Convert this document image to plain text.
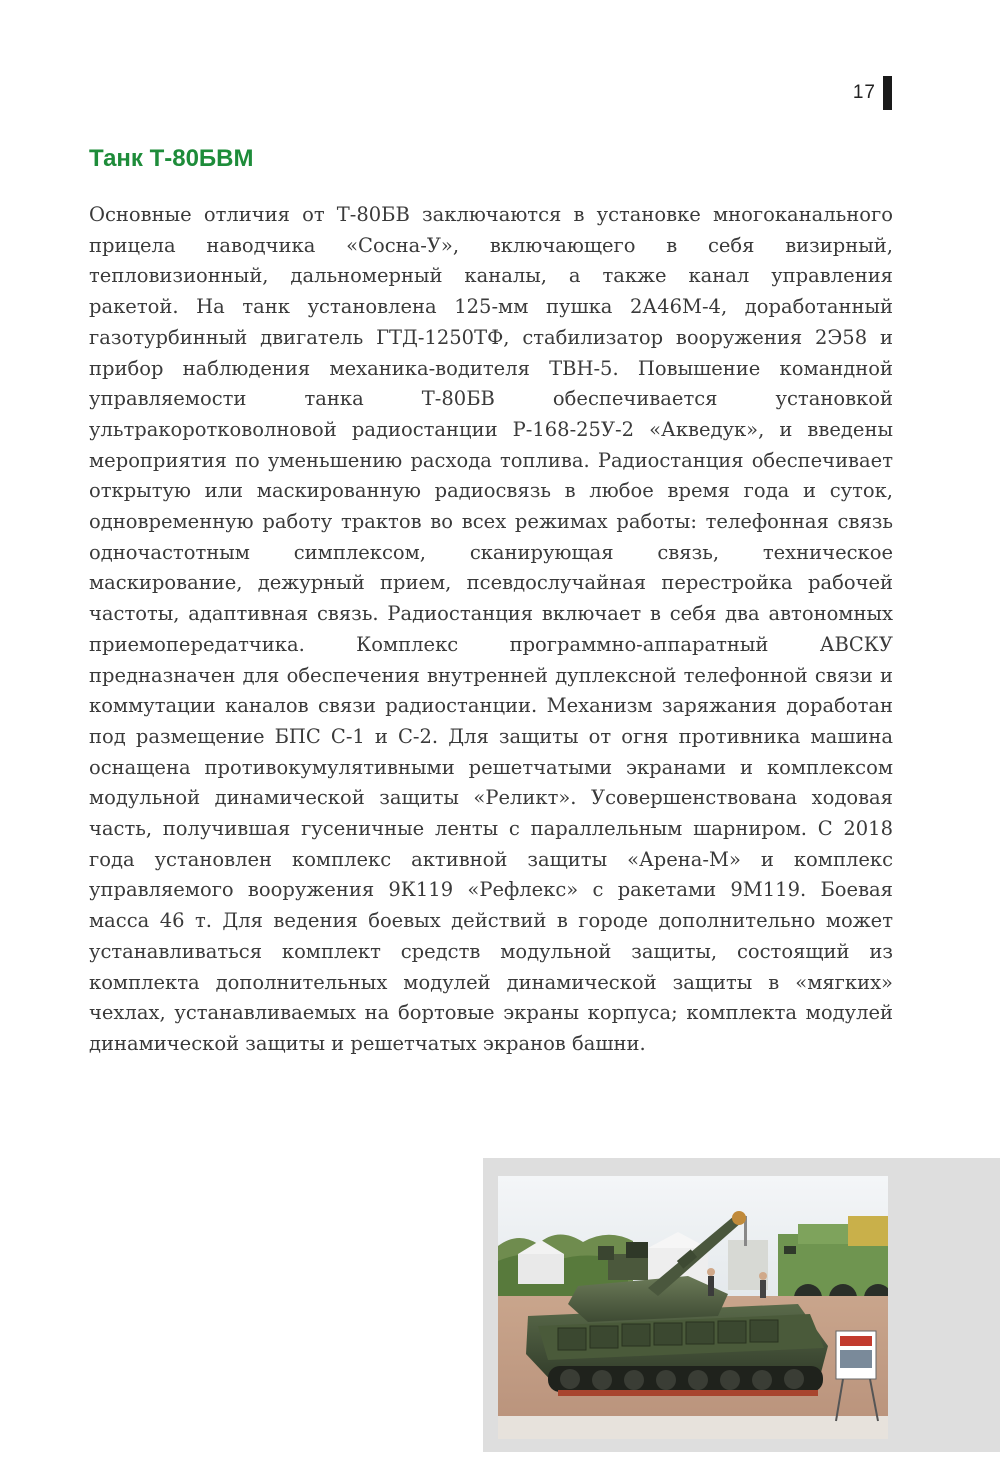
17
Танк Т-80БВМ

Основные отличия от Т-80БВ заключаются в установке многоканального прицела наводчика «Сосна-У», включающего в себя визирный, тепловизионный, дальномерный каналы, а также канал управления ракетой. На танк установлена 125-мм пушка 2А46М-4, доработанный газотурбинный двигатель ГТД-1250ТФ, стабилизатор вооружения 2Э58 и прибор наблюдения механика-водителя ТВН-5. Повышение командной управляемости танка Т-80БВ обеспечивается установкой ультракоротковолновой радиостанции Р-168-25У-2 «Акведук», и введены мероприятия по уменьшению расхода топлива. Радиостанция обеспечивает открытую или маскированную радиосвязь в любое время года и суток, одновременную работу трактов во всех режимах работы: телефонная связь одночастотным симплексом, сканирующая связь, техническое маскирование, дежурный прием, псевдослучайная перестройка рабочей частоты, адаптивная связь. Радиостанция включает в себя два автономных приемопередатчика. Комплекс программно-аппаратный АВСКУ предназначен для обеспечения внутренней дуплексной телефонной связи и коммутации каналов связи радиостанции. Механизм заряжания доработан под размещение БПС С-1 и С-2. Для защиты от огня противника машина оснащена противокумулятивными решетчатыми экранами и комплексом модульной динамической защиты «Реликт». Усовершенствована ходовая часть, получившая гусеничные ленты с параллельным шарниром. С 2018 года установлен комплекс активной защиты «Арена-М» и комплекс управляемого вооружения 9К119 «Рефлекс» с ракетами 9М119. Боевая масса 46 т. Для ведения боевых действий в городе дополнительно может устанавливаться комплект средств модульной защиты, состоящий из комплекта дополнительных модулей динамической защиты в «мягких» чехлах, устанавливаемых на бортовые экраны корпуса; комплекта модулей динамической защиты и решетчатых экранов башни.
